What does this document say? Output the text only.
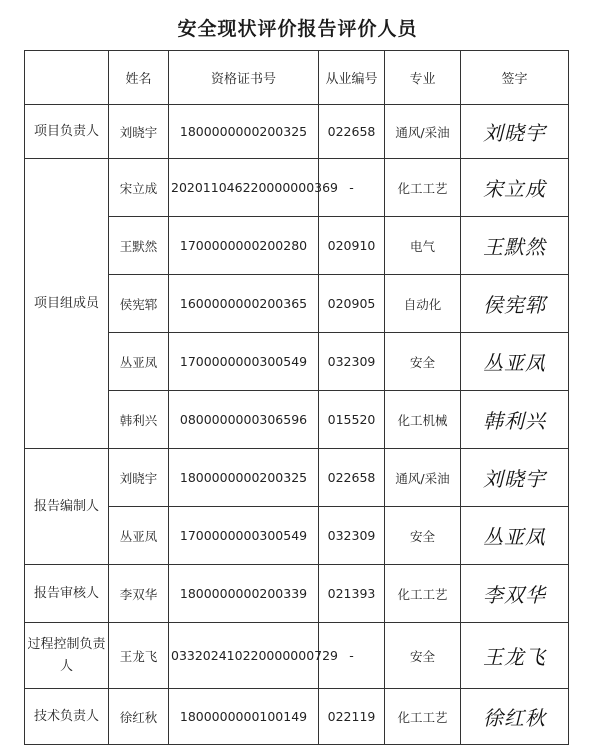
安全现状评价报告评价人员
	姓名	资格证书号	从业编号	专业	签字
项目负责人	刘晓宇	1800000000200325	022658	通风/采油	刘晓宇
项目组成员	宋立成	202011046220000000369	-	化工工艺	宋立成
	王默然	1700000000200280	020910	电气	王默然
	侯宪郓	1600000000200365	020905	自动化	侯宪郓
	丛亚凤	1700000000300549	032309	安全	丛亚凤
	韩利兴	0800000000306596	015520	化工机械	韩利兴
报告编制人	刘晓宇	1800000000200325	022658	通风/采油	刘晓宇
	丛亚凤	1700000000300549	032309	安全	丛亚凤
报告审核人	李双华	1800000000200339	021393	化工工艺	李双华
过程控制负责人	王龙飞	033202410220000000729	-	安全	王龙飞
技术负责人	徐红秋	1800000000100149	022119	化工工艺	徐红秋
